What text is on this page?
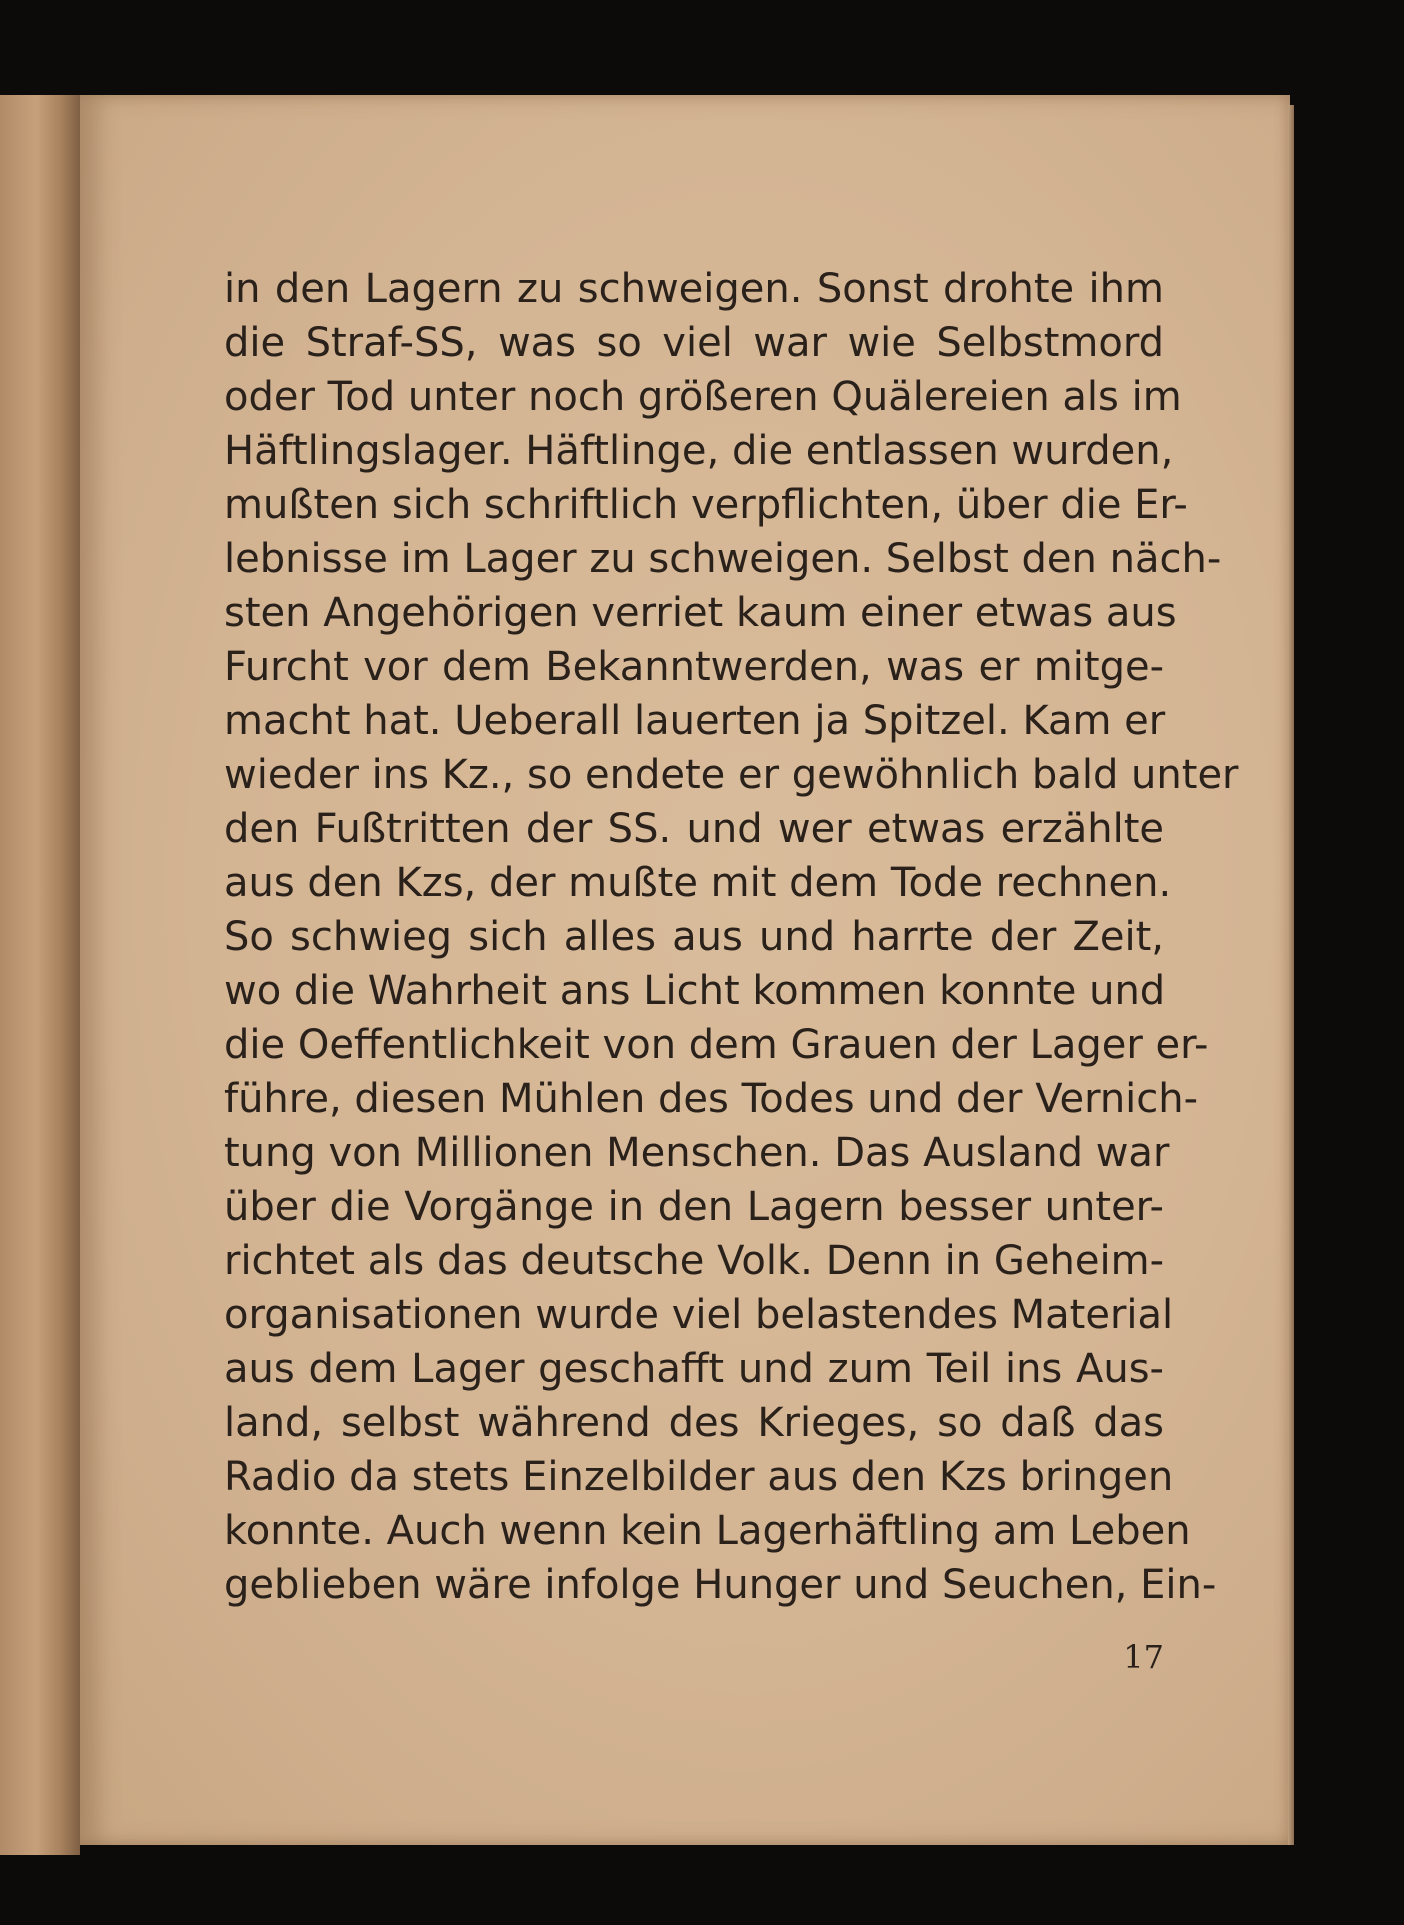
in den Lagern zu schweigen. Sonst drohte ihm
die Straf-SS, was so viel war wie Selbstmord
oder Tod unter noch größeren Quälereien als im
Häftlingslager. Häftlinge, die entlassen wurden,
mußten sich schriftlich verpflichten, über die Er-
lebnisse im Lager zu schweigen. Selbst den näch-
sten Angehörigen verriet kaum einer etwas aus
Furcht vor dem Bekanntwerden, was er mitge-
macht hat. Ueberall lauerten ja Spitzel. Kam er
wieder ins Kz., so endete er gewöhnlich bald unter
den Fußtritten der SS. und wer etwas erzählte
aus den Kzs, der mußte mit dem Tode rechnen.
So schwieg sich alles aus und harrte der Zeit,
wo die Wahrheit ans Licht kommen konnte und
die Oeffentlichkeit von dem Grauen der Lager er-
führe, diesen Mühlen des Todes und der Vernich-
tung von Millionen Menschen. Das Ausland war
über die Vorgänge in den Lagern besser unter-
richtet als das deutsche Volk. Denn in Geheim-
organisationen wurde viel belastendes Material
aus dem Lager geschafft und zum Teil ins Aus-
land, selbst während des Krieges, so daß das
Radio da stets Einzelbilder aus den Kzs bringen
konnte. Auch wenn kein Lagerhäftling am Leben
geblieben wäre infolge Hunger und Seuchen, Ein-
17
